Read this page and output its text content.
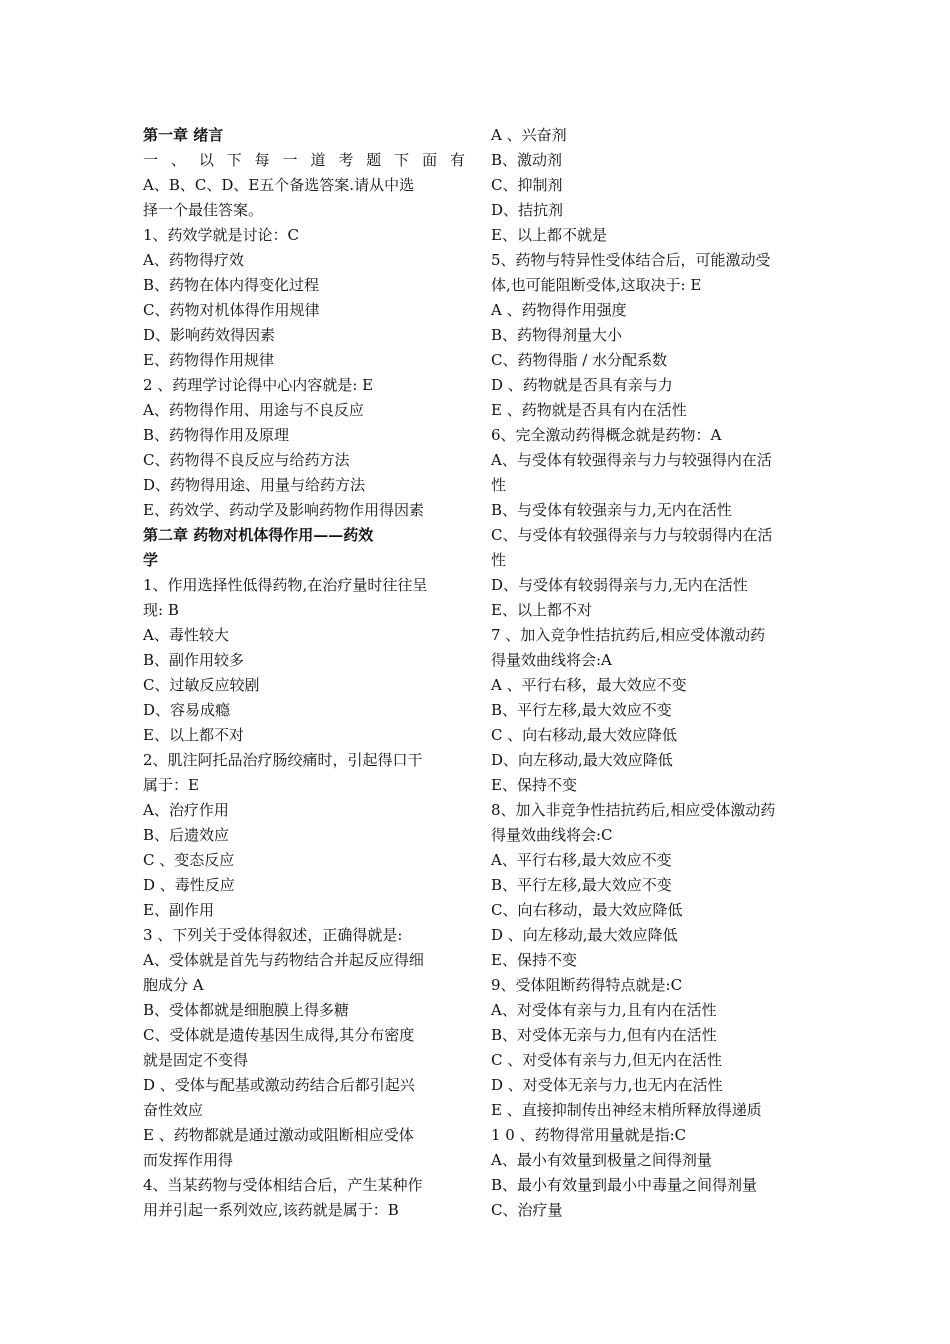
第一章 绪言
一 、 以 下 每 一 道 考 题 下 面 有
A、B、C、D、E五个备选答案.请从中选
择一个最佳答案。
1、药效学就是讨论：C
A、药物得疗效
B、药物在体内得变化过程
C、药物对机体得作用规律
D、影响药效得因素
E、药物得作用规律
2 、药理学讨论得中心内容就是: E
A、药物得作用、用途与不良反应
B、药物得作用及原理
C、药物得不良反应与给药方法
D、药物得用途、用量与给药方法
E、药效学、药动学及影响药物作用得因素
第二章 药物对机体得作用——药效
学
1、作用选择性低得药物,在治疗量时往往呈
现: B
A、毒性较大
B、副作用较多
C、过敏反应较剧
D、容易成瘾
E、以上都不对
2、肌注阿托品治疗肠绞痛时，引起得口干
属于：E
A、治疗作用
B、后遗效应
C 、变态反应
D 、毒性反应
E、副作用
3 、下列关于受体得叙述，正确得就是:
A、受体就是首先与药物结合并起反应得细
胞成分 A
B、受体都就是细胞膜上得多糖
C、受体就是遗传基因生成得,其分布密度
就是固定不变得
D 、受体与配基或激动药结合后都引起兴
奋性效应
E 、药物都就是通过激动或阻断相应受体
而发挥作用得
4、当某药物与受体相结合后，产生某种作
用并引起一系列效应,该药就是属于：B
A 、兴奋剂
B、激动剂
C、抑制剂
D、拮抗剂
E、以上都不就是
5、药物与特异性受体结合后，可能激动受
体,也可能阻断受体,这取决于: E
A 、药物得作用强度
B、药物得剂量大小
C、药物得脂 / 水分配系数
D 、药物就是否具有亲与力
E 、药物就是否具有内在活性
6、完全激动药得概念就是药物：A
A、与受体有较强得亲与力与较强得内在活
性
B、与受体有较强亲与力,无内在活性
C、与受体有较强得亲与力与较弱得内在活
性
D、与受体有较弱得亲与力,无内在活性
E、以上都不对
7 、加入竞争性拮抗药后,相应受体激动药
得量效曲线将会:A
A 、平行右移，最大效应不变
B、平行左移,最大效应不变
C 、向右移动,最大效应降低
D、向左移动,最大效应降低
E、保持不变
8、加入非竞争性拮抗药后,相应受体激动药
得量效曲线将会:C
A、平行右移,最大效应不变
B、平行左移,最大效应不变
C、向右移动，最大效应降低
D 、向左移动,最大效应降低
E、保持不变
9、受体阻断药得特点就是:C
A、对受体有亲与力,且有内在活性
B、对受体无亲与力,但有内在活性
C 、对受体有亲与力,但无内在活性
D 、对受体无亲与力,也无内在活性
E 、直接抑制传出神经末梢所释放得递质
1 0 、药物得常用量就是指:C
A、最小有效量到极量之间得剂量
B、最小有效量到最小中毒量之间得剂量
C、治疗量
